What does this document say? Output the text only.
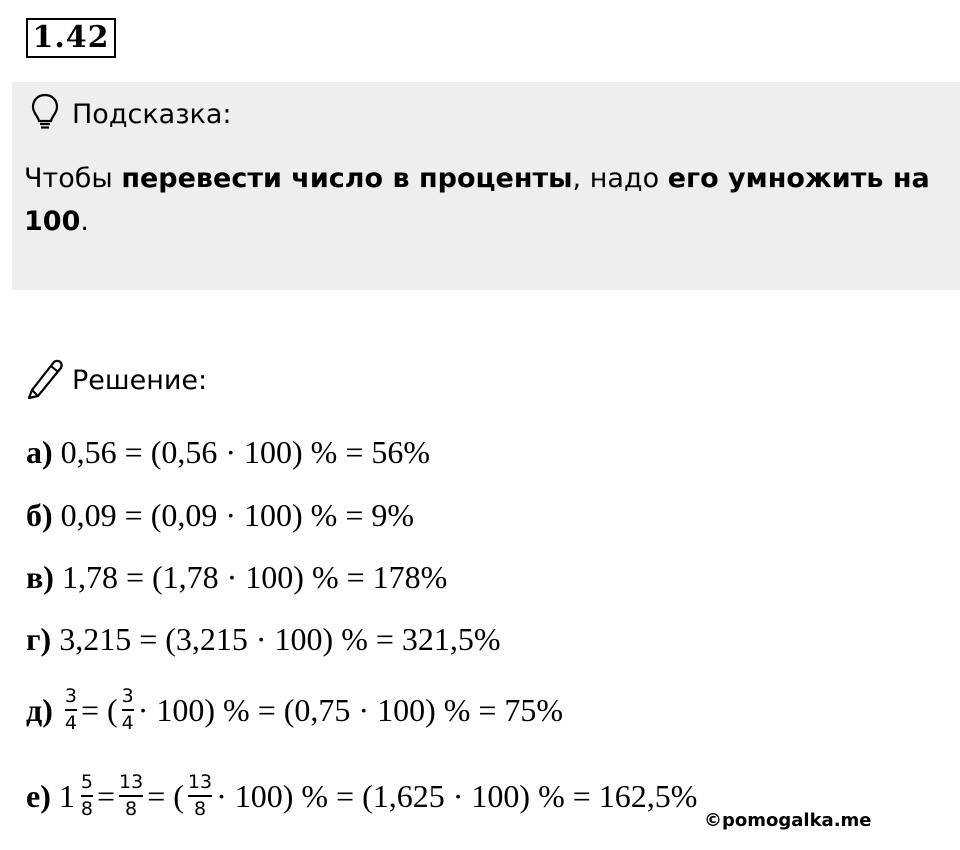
1.42
Подсказка:
Чтобы перевести число в проценты, надо его умножить на 100.
Решение:
а) 0,56 = (0,56 · 100) % = 56%
б) 0,09 = (0,09 · 100) % = 9%
в) 1,78 = (1,78 · 100) % = 178%
г) 3,215 = (3,215 · 100) % = 321,5%
$д) \frac{3}{4}$ = ( $\frac{3}{4} \cdot 100$) % = (0,75 · 100) % = 75%
е) $1 \frac{5}{8} = \frac{13}{8}$ = ( $\frac{13}{8} \cdot 100$) % = (1,625 · 100) % = 162,5%
©pomogalka.me
